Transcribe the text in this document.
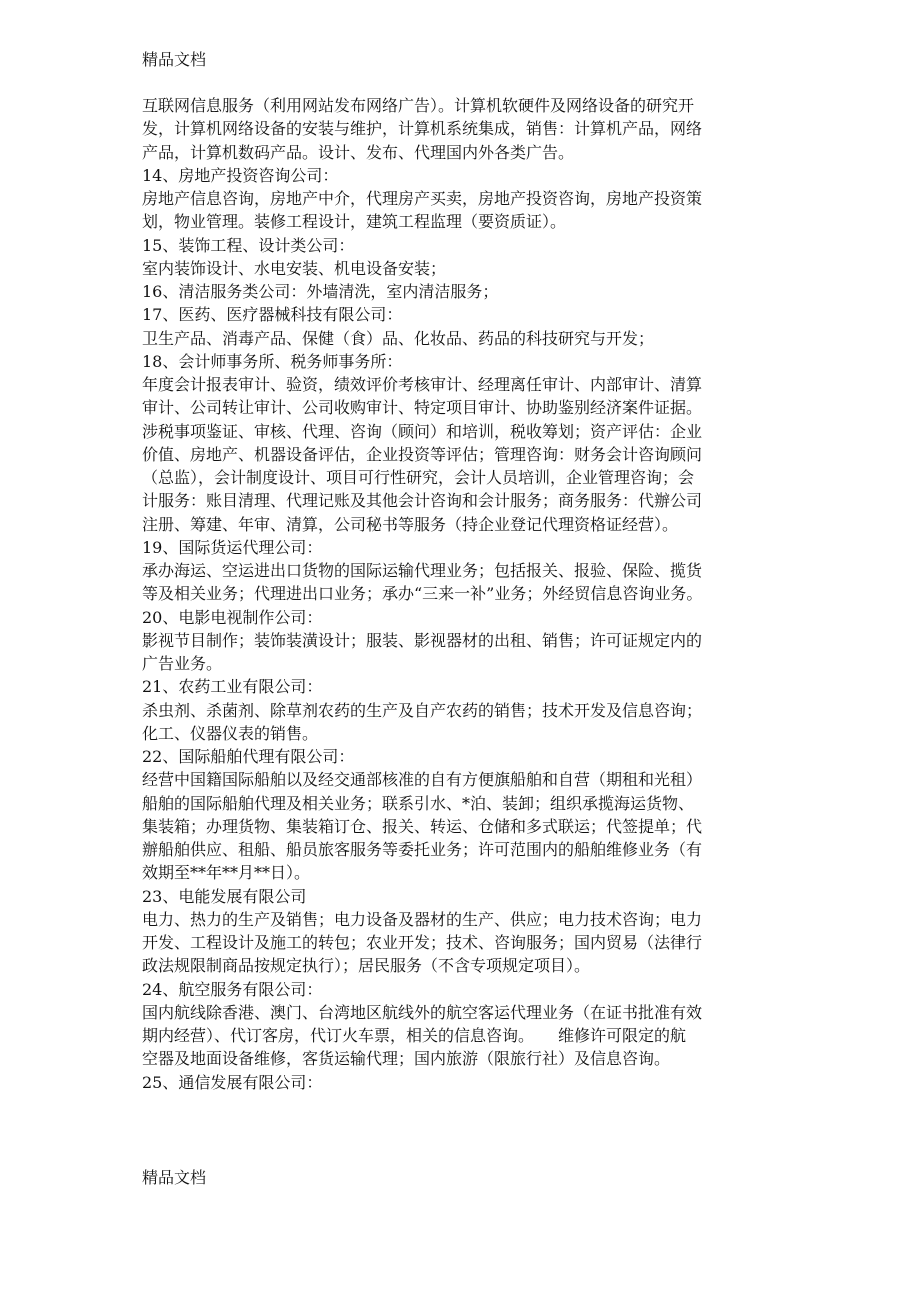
精品文档
互联网信息服务（利用网站发布网络广告）。计算机软硬件及网络设备的研究开
发，计算机网络设备的安装与维护，计算机系统集成，销售：计算机产品，网络
产品，计算机数码产品。设计、发布、代理国内外各类广告。
14、房地产投资咨询公司：
房地产信息咨询，房地产中介，代理房产买卖，房地产投资咨询，房地产投资策
划，物业管理。装修工程设计，建筑工程监理（要资质证）。
15、装饰工程、设计类公司：
室内装饰设计、水电安装、机电设备安装；
16、清洁服务类公司：外墙清洗，室内清洁服务；
17、医药、医疗器械科技有限公司：
卫生产品、消毒产品、保健（食）品、化妆品、药品的科技研究与开发；
18、会计师事务所、税务师事务所：
年度会计报表审计、验资，绩效评价考核审计、经理离任审计、内部审计、清算
审计、公司转让审计、公司收购审计、特定项目审计、协助鉴别经济案件证据。
涉税事项鉴证、审核、代理、咨询（顾问）和培训，税收筹划；资产评估：企业
价值、房地产、机器设备评估，企业投资等评估；管理咨询：财务会计咨询顾问
（总监），会计制度设计、项目可行性研究，会计人员培训，企业管理咨询；会
计服务：账目清理、代理记账及其他会计咨询和会计服务；商务服务：代辦公司
注册、筹建、年审、清算，公司秘书等服务（持企业登记代理资格证经营）。
19、国际货运代理公司：
承办海运、空运进出口货物的国际运输代理业务；包括报关、报验、保险、揽货
等及相关业务；代理进出口业务；承办“三来一补”业务；外经贸信息咨询业务。
20、电影电视制作公司：
影视节目制作；装饰装潢设计；服装、影视器材的出租、销售；许可证规定内的
广告业务。
21、农药工业有限公司：
杀虫剂、杀菌剂、除草剂农药的生产及自产农药的销售；技术开发及信息咨询；
化工、仪器仪表的销售。
22、国际船舶代理有限公司：
经营中国籍国际船舶以及经交通部核准的自有方便旗船舶和自营（期租和光租）
船舶的国际船舶代理及相关业务；联系引水、*泊、装卸；组织承揽海运货物、
集装箱；办理货物、集装箱订仓、报关、转运、仓储和多式联运；代签提单；代
辦船舶供应、租船、船员旅客服务等委托业务；许可范围内的船舶维修业务（有
效期至**年**月**日）。
23、电能发展有限公司
电力、热力的生产及销售；电力设备及器材的生产、供应；电力技术咨询；电力
开发、工程设计及施工的转包；农业开发；技术、咨询服务；国内贸易（法律行
政法规限制商品按规定执行）；居民服务（不含专项规定项目）。
24、航空服务有限公司：
国内航线除香港、澳门、台湾地区航线外的航空客运代理业务（在证书批准有效
期内经营）、代订客房，代订火车票，相关的信息咨询。　　维修许可限定的航
空器及地面设备维修，客货运输代理；国内旅游（限旅行社）及信息咨询。
25、通信发展有限公司：
精品文档
